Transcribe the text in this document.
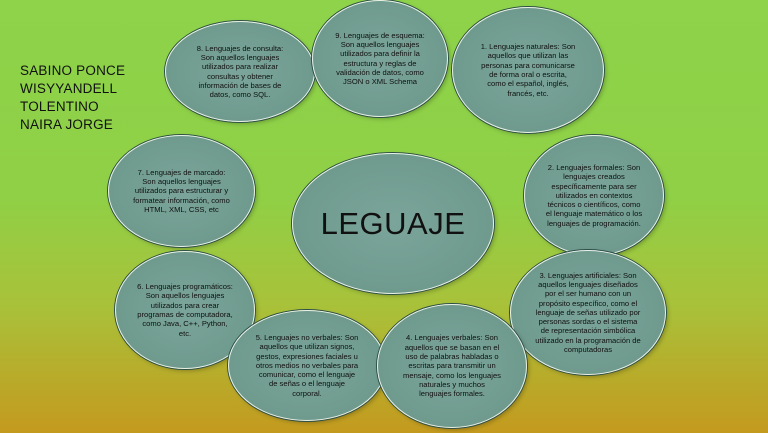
SABINO PONCE
WISYYANDELL
TOLENTINO
NAIRA JORGE
LEGUAJE
8. Lenguajes de consulta: Son aquellos lenguajes utilizados para realizar consultas y obtener información de bases de datos, como SQL.
9. Lenguajes de esquema: Son aquellos lenguajes utilizados para definir la estructura y reglas de validación de datos, como JSON o XML Schema
1. Lenguajes naturales: Son aquellos que utilizan las personas para comunicarse de forma oral o escrita, como el español, inglés, francés, etc.
7. Lenguajes de marcado: Son aquellos lenguajes utilizados para estructurar y formatear información, como HTML, XML, CSS, etc
2. Lenguajes formales: Son lenguajes creados específicamente para ser utilizados en contextos técnicos o científicos, como el lenguaje matemático o los lenguajes de programación.
6. Lenguajes programáticos: Son aquellos lenguajes utilizados para crear programas de computadora, como Java, C++, Python, etc.
3. Lenguajes artificiales: Son aquellos lenguajes diseñados por el ser humano con un propósito específico, como el lenguaje de señas utilizado por personas sordas o el sistema de representación simbólica utilizado en la programación de computadoras
5. Lenguajes no verbales: Son aquellos que utilizan signos, gestos, expresiones faciales u otros medios no verbales para comunicar, como el lenguaje de señas o el lenguaje corporal.
4. Lenguajes verbales: Son aquellos que se basan en el uso de palabras habladas o escritas para transmitir un mensaje, como los lenguajes naturales y muchos lenguajes formales.
